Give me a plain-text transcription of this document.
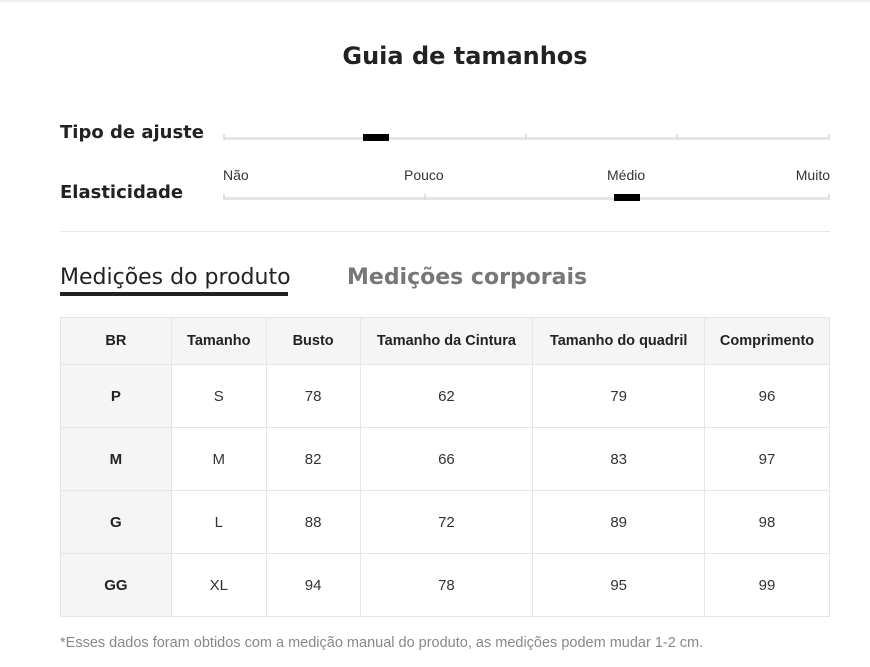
Guia de tamanhos
Tipo de ajuste
Elasticidade
Não	Pouco	Médio	Muito
Medições do produto	Medições corporais
BR	Tamanho	Busto	Tamanho da Cintura	Tamanho do quadril	Comprimento
P	S	78	62	79	96
M	M	82	66	83	97
G	L	88	72	89	98
GG	XL	94	78	95	99
*Esses dados foram obtidos com a medição manual do produto, as medições podem mudar 1-2 cm.
